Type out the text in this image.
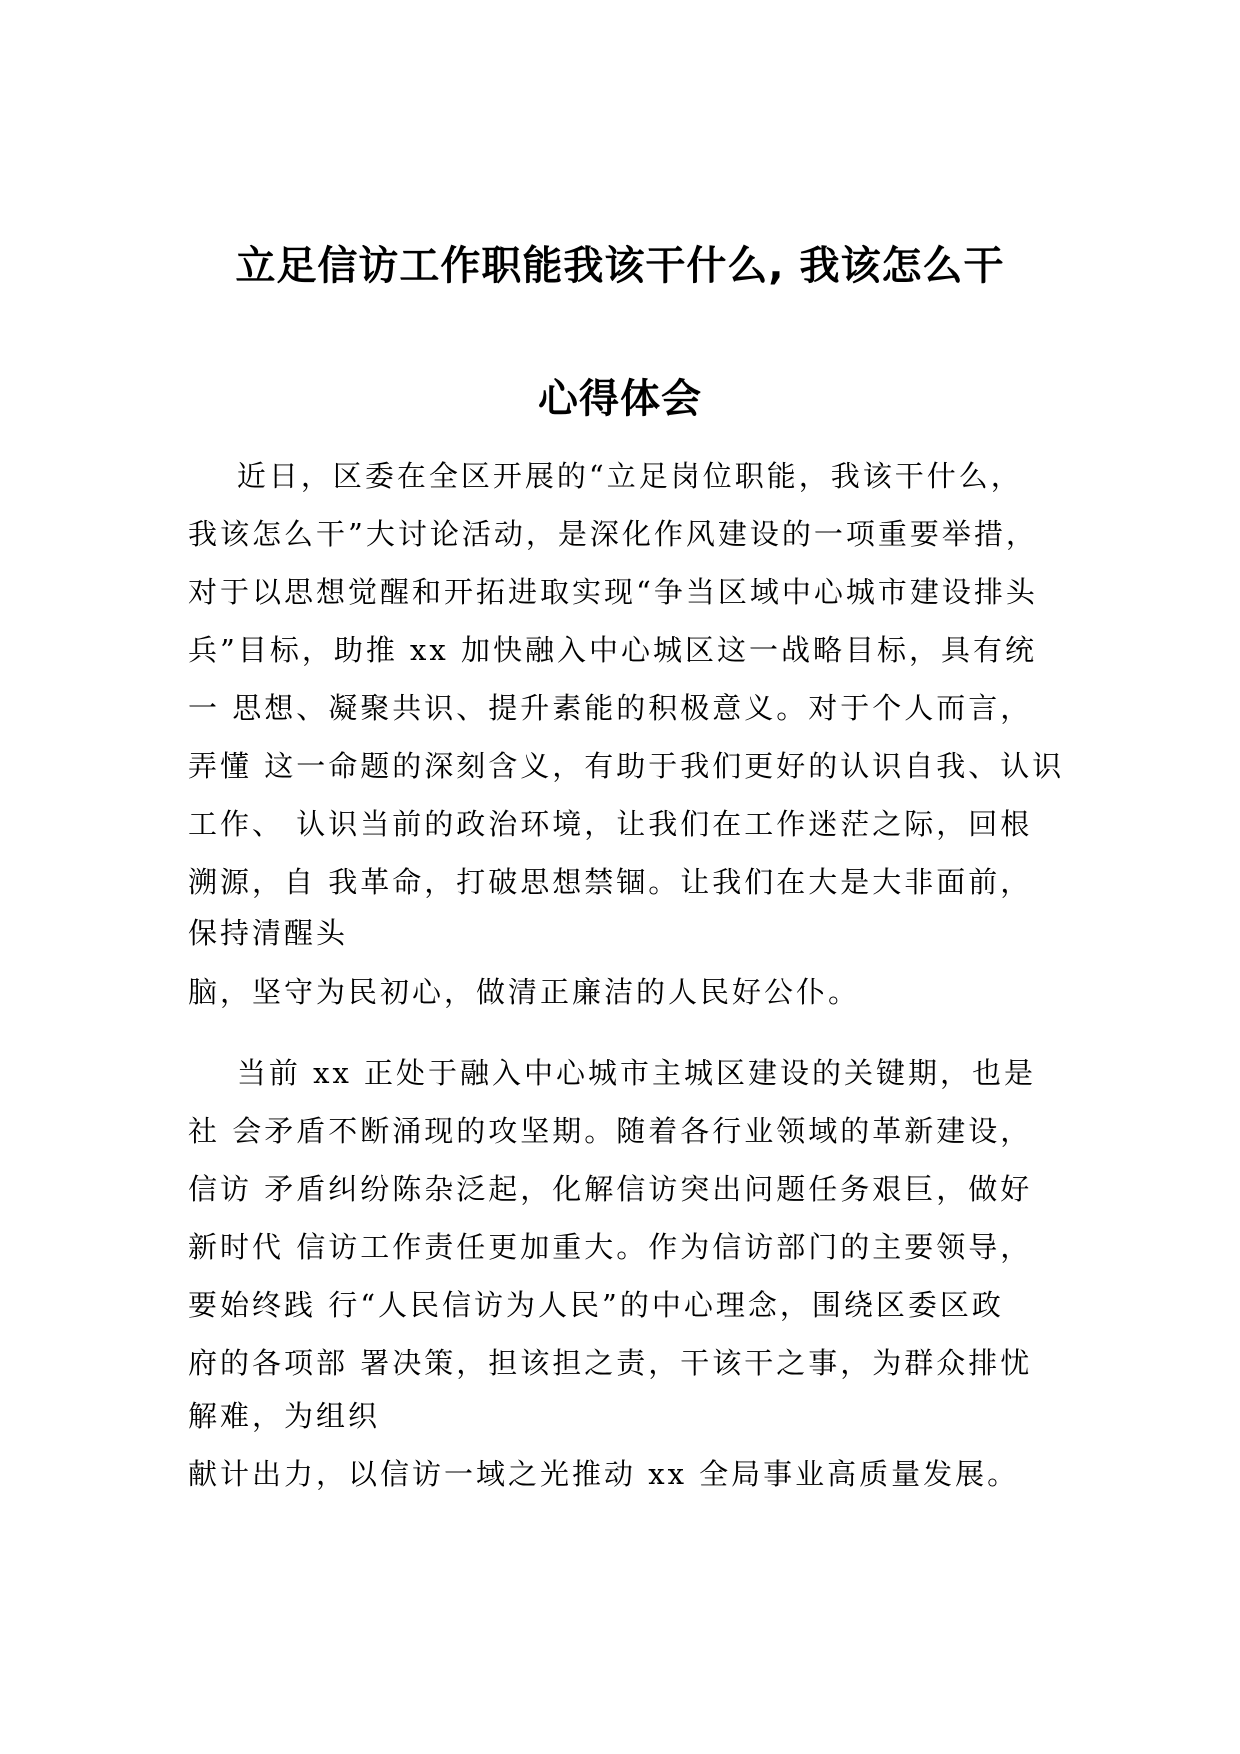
立足信访工作职能我该干什么, 我该怎么干
心得体会

近日，区委在全区开展的“立足岗位职能，我该干什么，

我该怎么干”大讨论活动，是深化作风建设的一项重要举措，

对于以思想觉醒和开拓进取实现“争当区域中心城市建设排头

兵”目标，助推 xx 加快融入中心城区这一战略目标，具有统

一 思想、凝聚共识、提升素能的积极意义。对于个人而言，

弄懂 这一命题的深刻含义，有助于我们更好的认识自我、认识

工作、 认识当前的政治环境，让我们在工作迷茫之际，回根

溯源，自 我革命，打破思想禁锢。让我们在大是大非面前，

保持清醒头

脑，坚守为民初心，做清正廉洁的人民好公仆。

当前 xx 正处于融入中心城市主城区建设的关键期，也是

社 会矛盾不断涌现的攻坚期。随着各行业领域的革新建设，

信访 矛盾纠纷陈杂泛起，化解信访突出问题任务艰巨，做好

新时代 信访工作责任更加重大。作为信访部门的主要领导，

要始终践 行“人民信访为人民”的中心理念，围绕区委区政

府的各项部 署决策，担该担之责，干该干之事，为群众排忧

解难，为组织

献计出力，以信访一域之光推动 xx 全局事业高质量发展。
